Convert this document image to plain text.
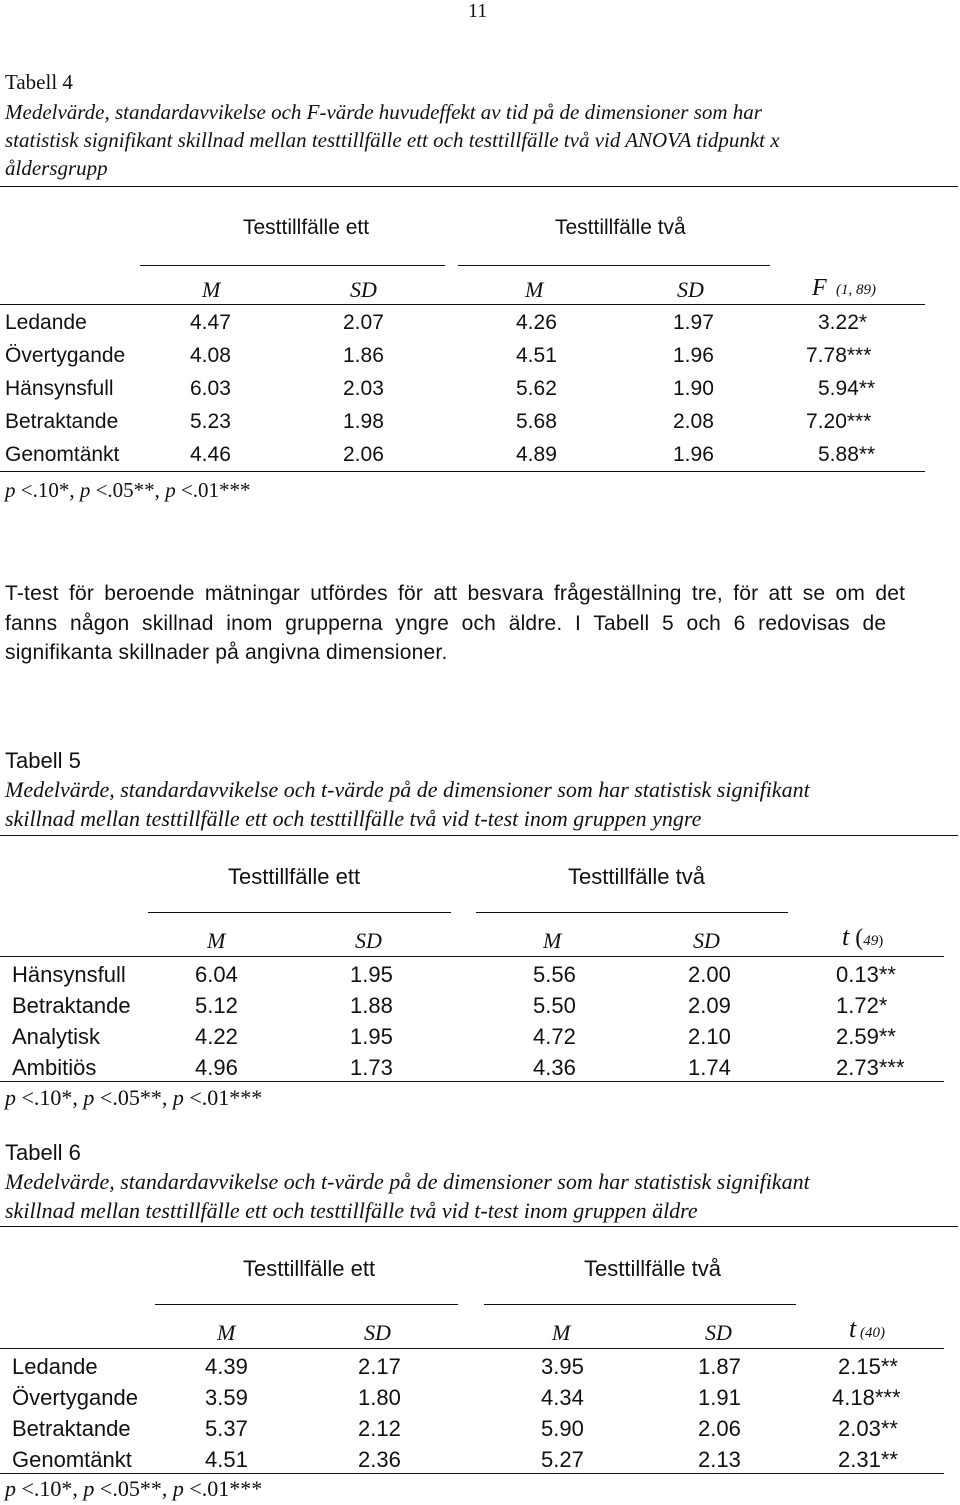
11
Tabell 4
Medelvärde, standardavvikelse och F-värde huvudeffekt av tid på de dimensioner som har
statistisk signifikant skillnad mellan testtillfälle ett och testtillfälle två vid ANOVA tidpunkt x
åldersgrupp
Testtillfälle ett	Testtillfälle två
M	SD	M	SD	F (1, 89)
Ledande	4.47	2.07	4.26	1.97	3.22*
Övertygande	4.08	1.86	4.51	1.96	7.78***
Hänsynsfull	6.03	2.03	5.62	1.90	5.94**
Betraktande	5.23	1.98	5.68	2.08	7.20***
Genomtänkt	4.46	2.06	4.89	1.96	5.88**
p <.10*, p <.05**, p <.01***
T-test för beroende mätningar utfördes för att besvara frågeställning tre, för att se om det
fanns någon skillnad inom grupperna yngre och äldre. I Tabell 5 och 6 redovisas de
signifikanta skillnader på angivna dimensioner.
Tabell 5
Medelvärde, standardavvikelse och t-värde på de dimensioner som har statistisk signifikant
skillnad mellan testtillfälle ett och testtillfälle två vid t-test inom gruppen yngre
Testtillfälle ett	Testtillfälle två
M	SD	M	SD	t (49)
Hänsynsfull	6.04	1.95	5.56	2.00	0.13**
Betraktande	5.12	1.88	5.50	2.09	1.72*
Analytisk	4.22	1.95	4.72	2.10	2.59**
Ambitiös	4.96	1.73	4.36	1.74	2.73***
p <.10*, p <.05**, p <.01***
Tabell 6
Medelvärde, standardavvikelse och t-värde på de dimensioner som har statistisk signifikant
skillnad mellan testtillfälle ett och testtillfälle två vid t-test inom gruppen äldre
Testtillfälle ett	Testtillfälle två
M	SD	M	SD	t (40)
Ledande	4.39	2.17	3.95	1.87	2.15**
Övertygande	3.59	1.80	4.34	1.91	4.18***
Betraktande	5.37	2.12	5.90	2.06	2.03**
Genomtänkt	4.51	2.36	5.27	2.13	2.31**
p <.10*, p <.05**, p <.01***
